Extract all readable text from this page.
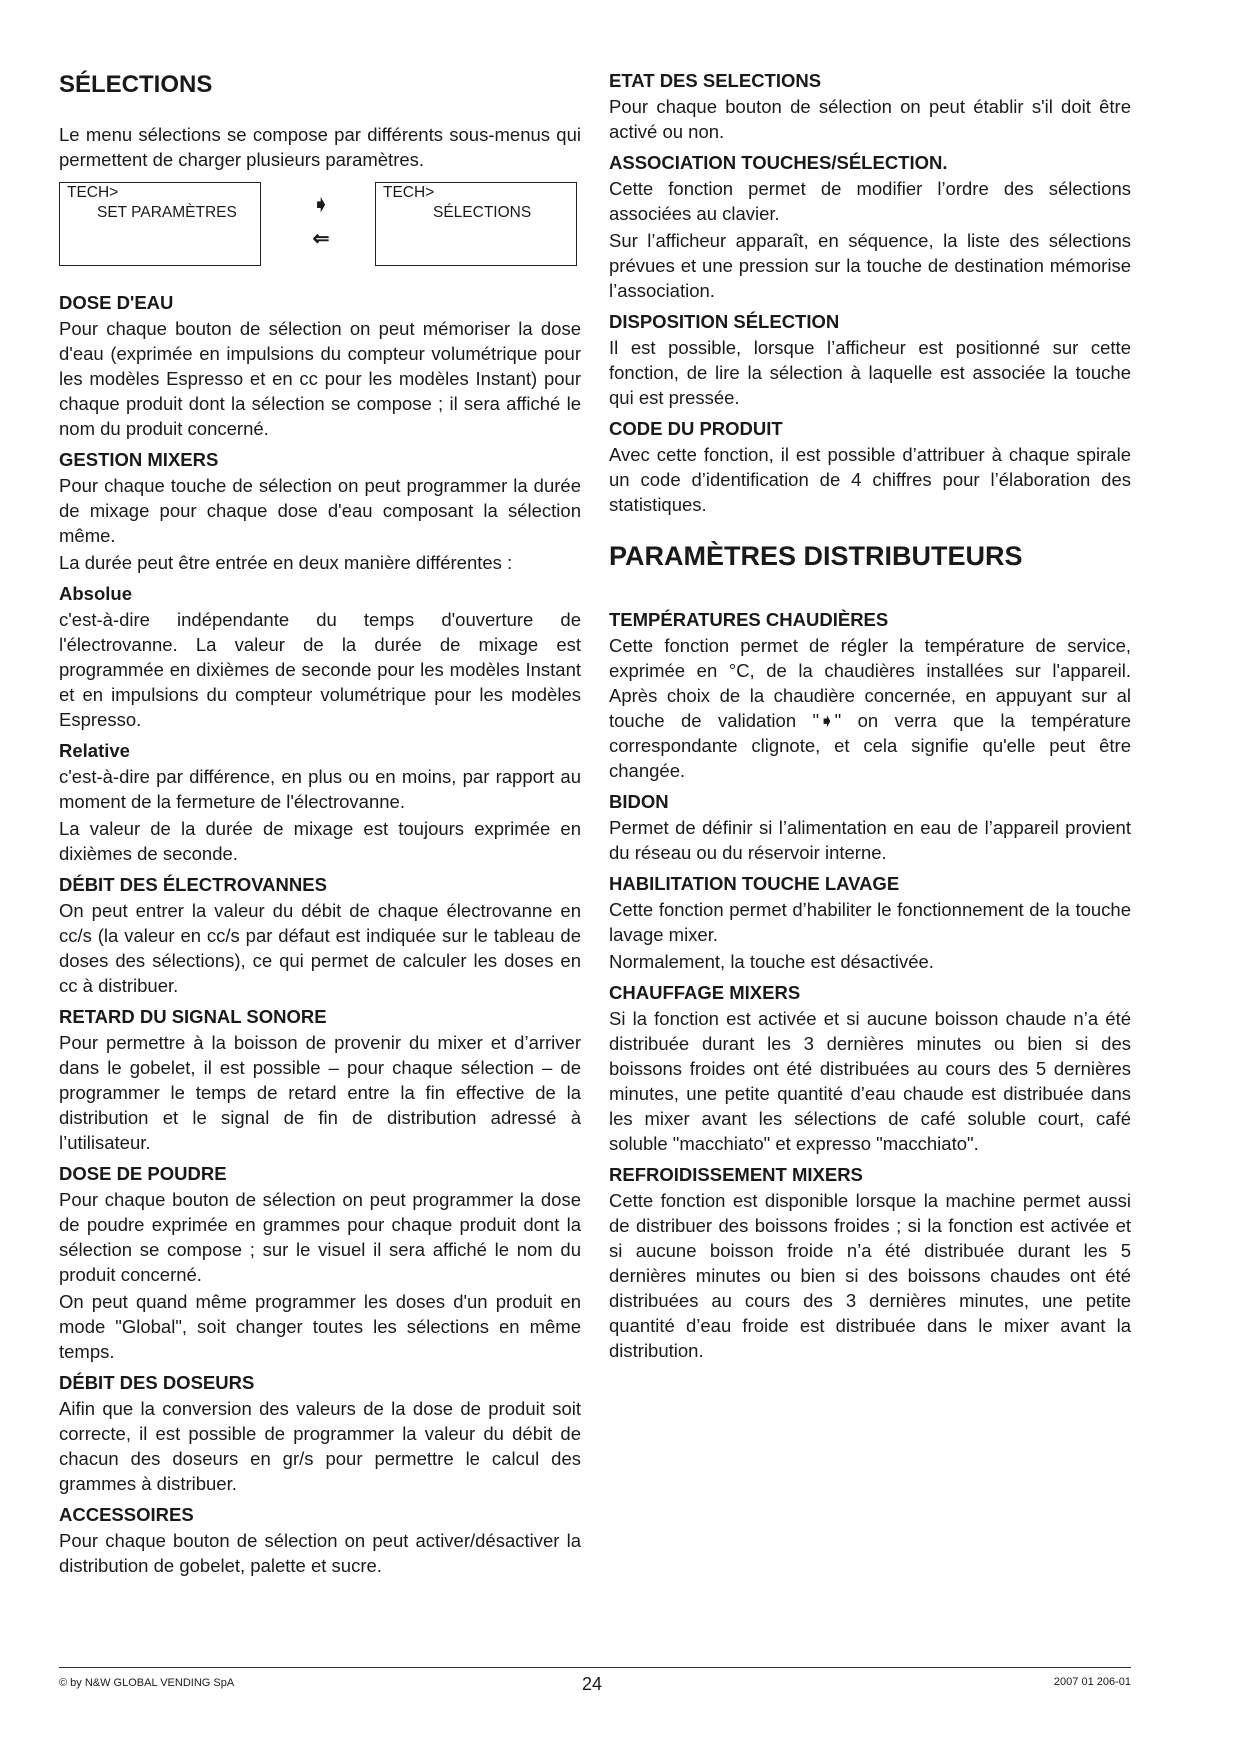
SÉLECTIONS

Le menu sélections se compose par différents sous-menus qui permettent de charger plusieurs paramètres.

TECH>
SET PARAMÈTRES	➧
⇐
TECH>
SÉLECTIONS
DOSE D'EAU

Pour chaque bouton de sélection on peut mémoriser la dose d'eau (exprimée en impulsions du compteur volumétrique pour les modèles Espresso et en cc pour les modèles Instant) pour chaque produit dont la sélection se compose ; il sera affiché le nom du produit concerné.

GESTION MIXERS

Pour chaque touche de sélection on peut programmer la durée de mixage pour chaque dose d'eau composant la sélection même.

La durée peut être entrée en deux manière différentes :

Absolue

c'est-à-dire indépendante du temps d'ouverture de l'électrovanne. La valeur de la durée de mixage est programmée en dixièmes de seconde pour les modèles Instant et en impulsions du compteur volumétrique pour les modèles Espresso.

Relative

c'est-à-dire par différence, en plus ou en moins, par rapport au moment de la fermeture de l'électrovanne.

La valeur de la durée de mixage est toujours exprimée en dixièmes de seconde.

DÉBIT DES ÉLECTROVANNES

On peut entrer la valeur du débit de chaque électrovanne en cc/s (la valeur en cc/s par défaut est indiquée sur le tableau de doses des sélections), ce qui permet de calculer les doses en cc à distribuer.

RETARD DU SIGNAL SONORE

Pour permettre à la boisson de provenir du mixer et d’arriver dans le gobelet, il est possible – pour chaque sélection – de programmer le temps de retard entre la fin effective de la distribution et le signal de fin de distribution adressé à l’utilisateur.

DOSE DE POUDRE

Pour chaque bouton de sélection on peut programmer la dose de poudre exprimée en grammes pour chaque produit dont la sélection se compose ; sur le visuel il sera affiché le nom du produit concerné.

On peut quand même programmer les doses d'un produit en mode "Global", soit changer toutes les sélections en même temps.

DÉBIT DES DOSEURS

Aifin que la conversion des valeurs de la dose de produit soit correcte, il est possible de programmer la valeur du débit de chacun des doseurs en gr/s pour permettre le calcul des grammes à distribuer.

ACCESSOIRES

Pour chaque bouton de sélection on peut activer/désactiver la distribution de gobelet, palette et sucre.

ETAT DES SELECTIONS

Pour chaque bouton de sélection on peut établir s'il doit être activé ou non.

ASSOCIATION TOUCHES/SÉLECTION.

Cette fonction permet de modifier l’ordre des sélections associées au clavier.

Sur l’afficheur apparaît, en séquence, la liste des sélections prévues et une pression sur la touche de destination mémorise l’association.

DISPOSITION SÉLECTION

Il est possible, lorsque l’afficheur est positionné sur cette fonction, de lire la sélection à laquelle est associée la touche qui est pressée.

CODE DU PRODUIT

Avec cette fonction, il est possible d’attribuer à chaque spirale un code d’identification de 4 chiffres pour l’élaboration des statistiques.

PARAMÈTRES DISTRIBUTEURS
TEMPÉRATURES CHAUDIÈRES

Cette fonction permet de régler la température de service, exprimée en °C, de la chaudières installées sur l'appareil. Après choix de la chaudière concernée, en appuyant sur al touche de validation "➧" on verra que la température correspondante clignote, et cela signifie qu'elle peut être changée.

BIDON

Permet de définir si l’alimentation en eau de l’appareil provient du réseau ou du réservoir interne.

HABILITATION TOUCHE LAVAGE

Cette fonction permet d’habiliter le fonctionnement de la touche lavage mixer.

Normalement, la touche est désactivée.

CHAUFFAGE MIXERS

Si la fonction est activée et si aucune boisson chaude n’a été distribuée durant les 3 dernières minutes ou bien si des boissons froides ont été distribuées au cours des 5 dernières minutes, une petite quantité d’eau chaude est distribuée dans les mixer avant les sélections de café soluble court, café soluble "macchiato" et expresso "macchiato".

REFROIDISSEMENT MIXERS

Cette fonction est disponible lorsque la machine permet aussi de distribuer des boissons froides ; si la fonction est activée et si aucune boisson froide n’a été distribuée durant les 5 dernières minutes ou bien si des boissons chaudes ont été distribuées au cours des 3 dernières minutes, une petite quantité d’eau froide est distribuée dans le mixer avant la distribution.

© by N&W GLOBAL VENDING SpA	24	2007 01 206-01
